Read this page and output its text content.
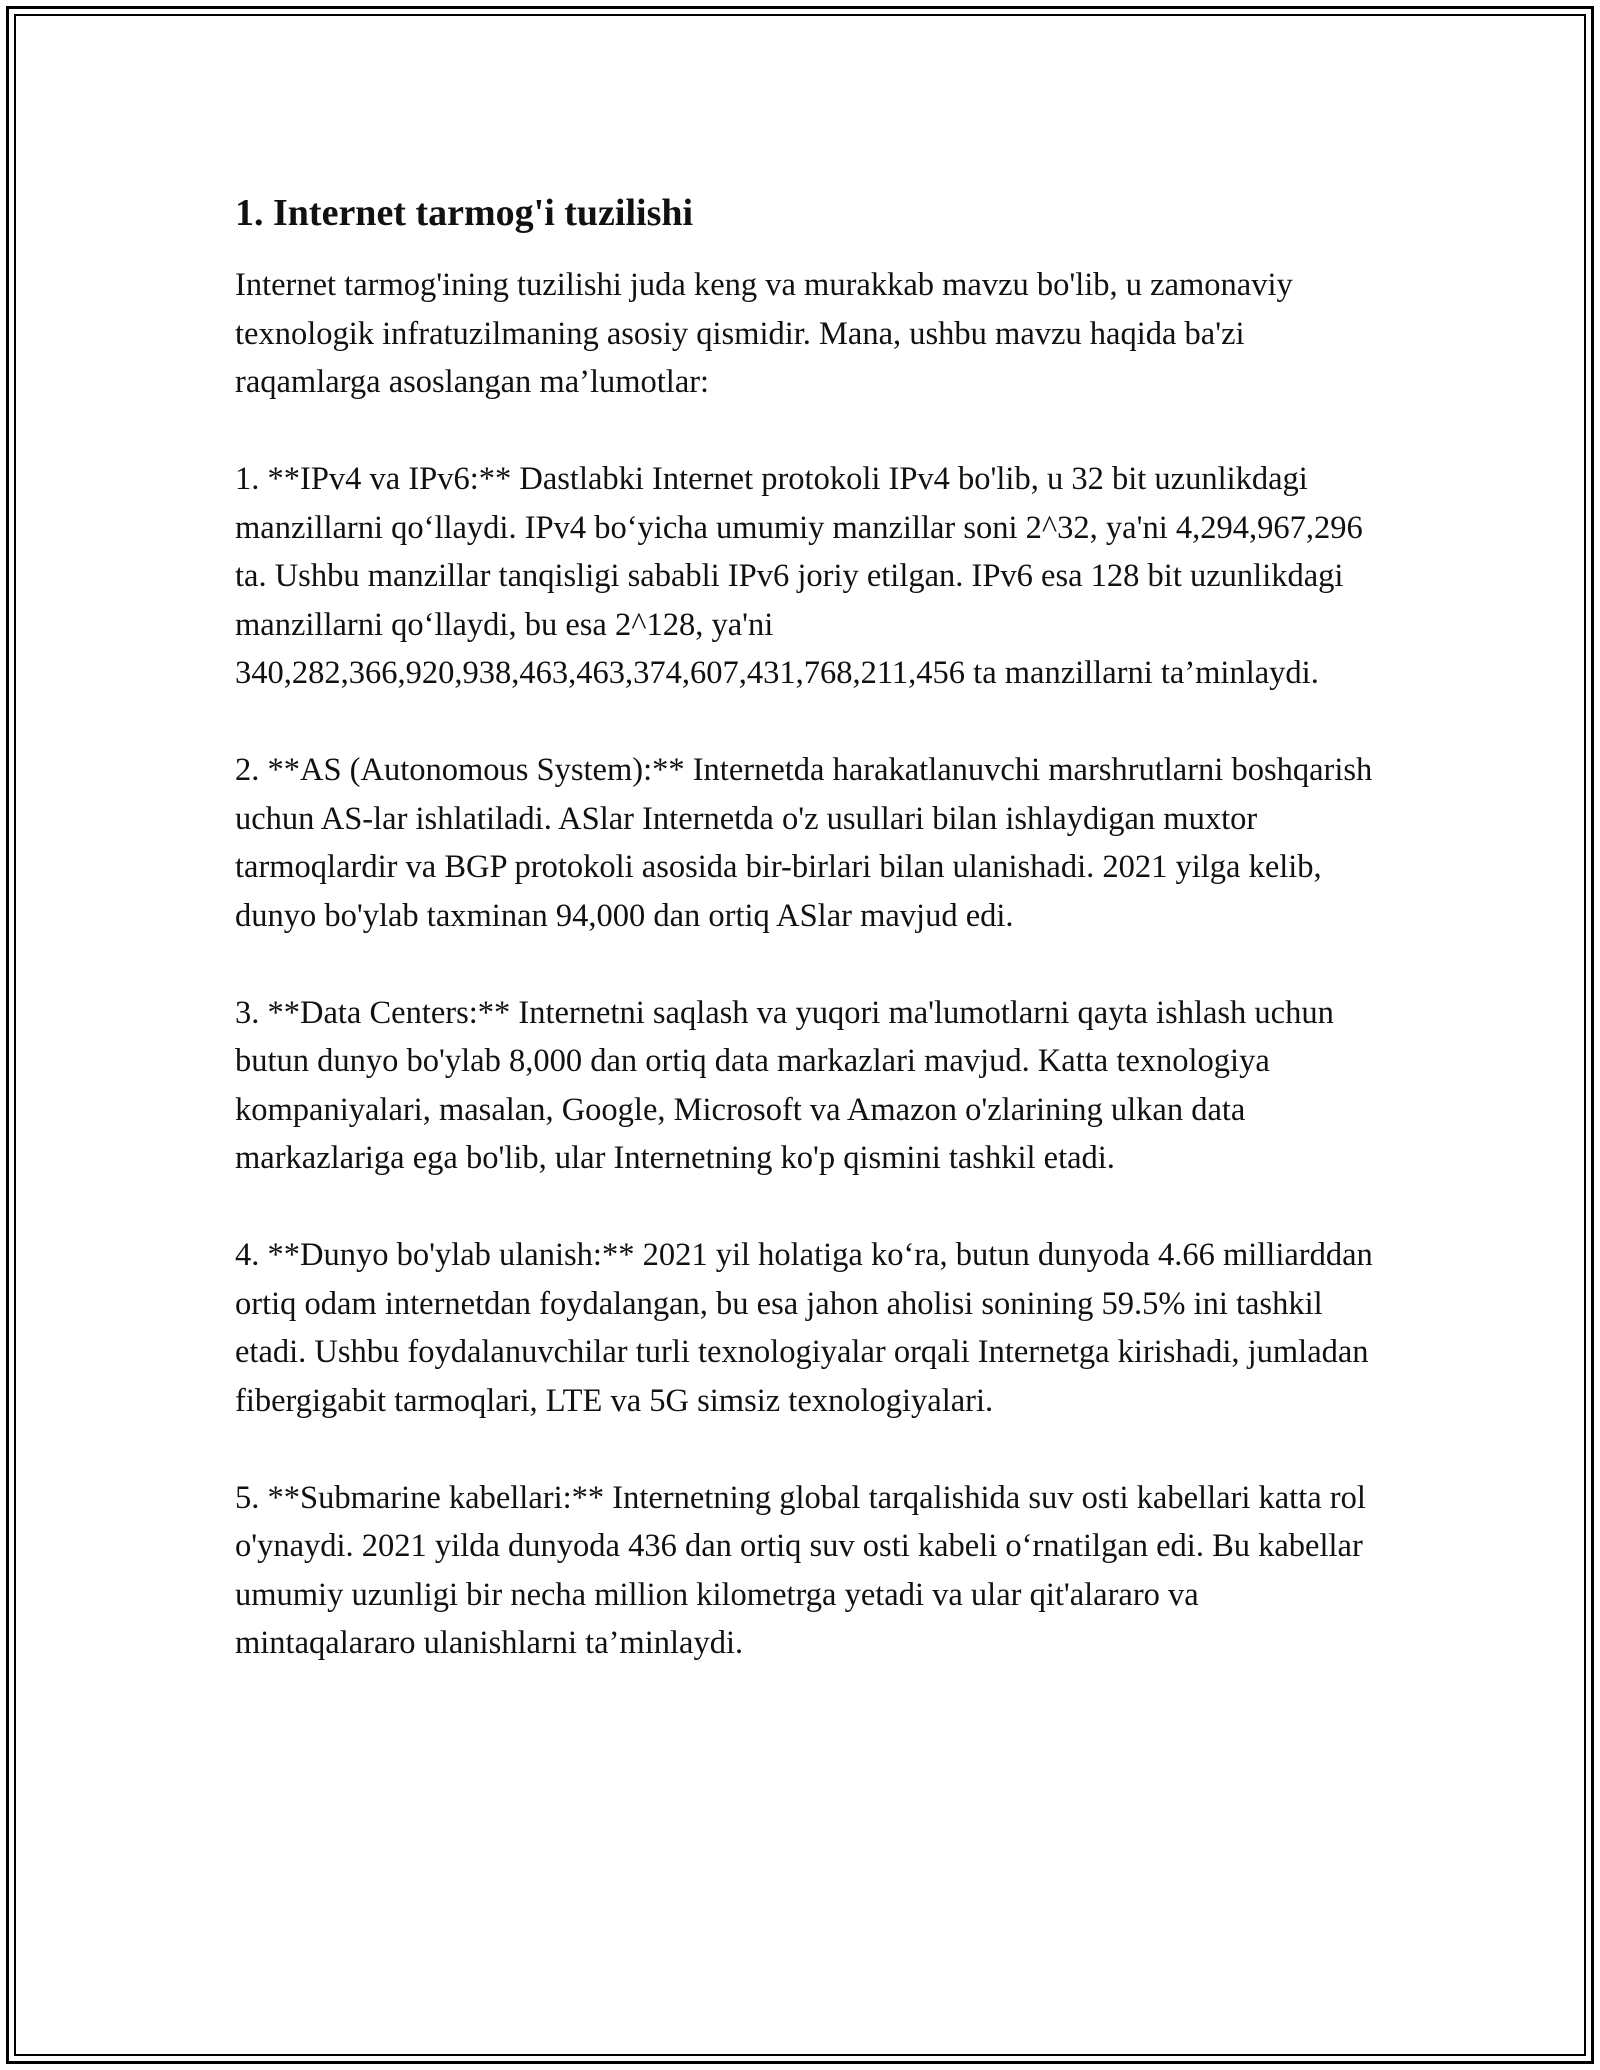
1. Internet tarmog'i tuzilishi

Internet tarmog'ining tuzilishi juda keng va murakkab mavzu bo'lib, u zamonaviy texnologik infratuzilmaning asosiy qismidir. Mana, ushbu mavzu haqida ba'zi raqamlarga asoslangan ma’lumotlar:

1. **IPv4 va IPv6:** Dastlabki Internet protokoli IPv4 bo'lib, u 32 bit uzunlikdagi manzillarni qo‘llaydi. IPv4 bo‘yicha umumiy manzillar soni 2^32, ya'ni 4,294,967,296 ta. Ushbu manzillar tanqisligi sababli IPv6 joriy etilgan. IPv6 esa 128 bit uzunlikdagi manzillarni qo‘llaydi, bu esa 2^128, ya'ni 340,282,366,920,938,463,463,374,607,431,768,211,456 ta manzillarni ta’minlaydi.

2. **AS (Autonomous System):** Internetda harakatlanuvchi marshrutlarni boshqarish uchun AS-lar ishlatiladi. ASlar Internetda o'z usullari bilan ishlaydigan muxtor tarmoqlardir va BGP protokoli asosida bir-birlari bilan ulanishadi. 2021 yilga kelib, dunyo bo'ylab taxminan 94,000 dan ortiq ASlar mavjud edi.

3. **Data Centers:** Internetni saqlash va yuqori ma'lumotlarni qayta ishlash uchun butun dunyo bo'ylab 8,000 dan ortiq data markazlari mavjud. Katta texnologiya kompaniyalari, masalan, Google, Microsoft va Amazon o'zlarining ulkan data markazlariga ega bo'lib, ular Internetning ko'p qismini tashkil etadi.

4. **Dunyo bo'ylab ulanish:** 2021 yil holatiga ko‘ra, butun dunyoda 4.66 milliarddan ortiq odam internetdan foydalangan, bu esa jahon aholisi sonining 59.5% ini tashkil etadi. Ushbu foydalanuvchilar turli texnologiyalar orqali Internetga kirishadi, jumladan fibergigabit tarmoqlari, LTE va 5G simsiz texnologiyalari.

5. **Submarine kabellari:** Internetning global tarqalishida suv osti kabellari katta rol o'ynaydi. 2021 yilda dunyoda 436 dan ortiq suv osti kabeli o‘rnatilgan edi. Bu kabellar umumiy uzunligi bir necha million kilometrga yetadi va ular qit'alararo va mintaqalararo ulanishlarni ta’minlaydi.
